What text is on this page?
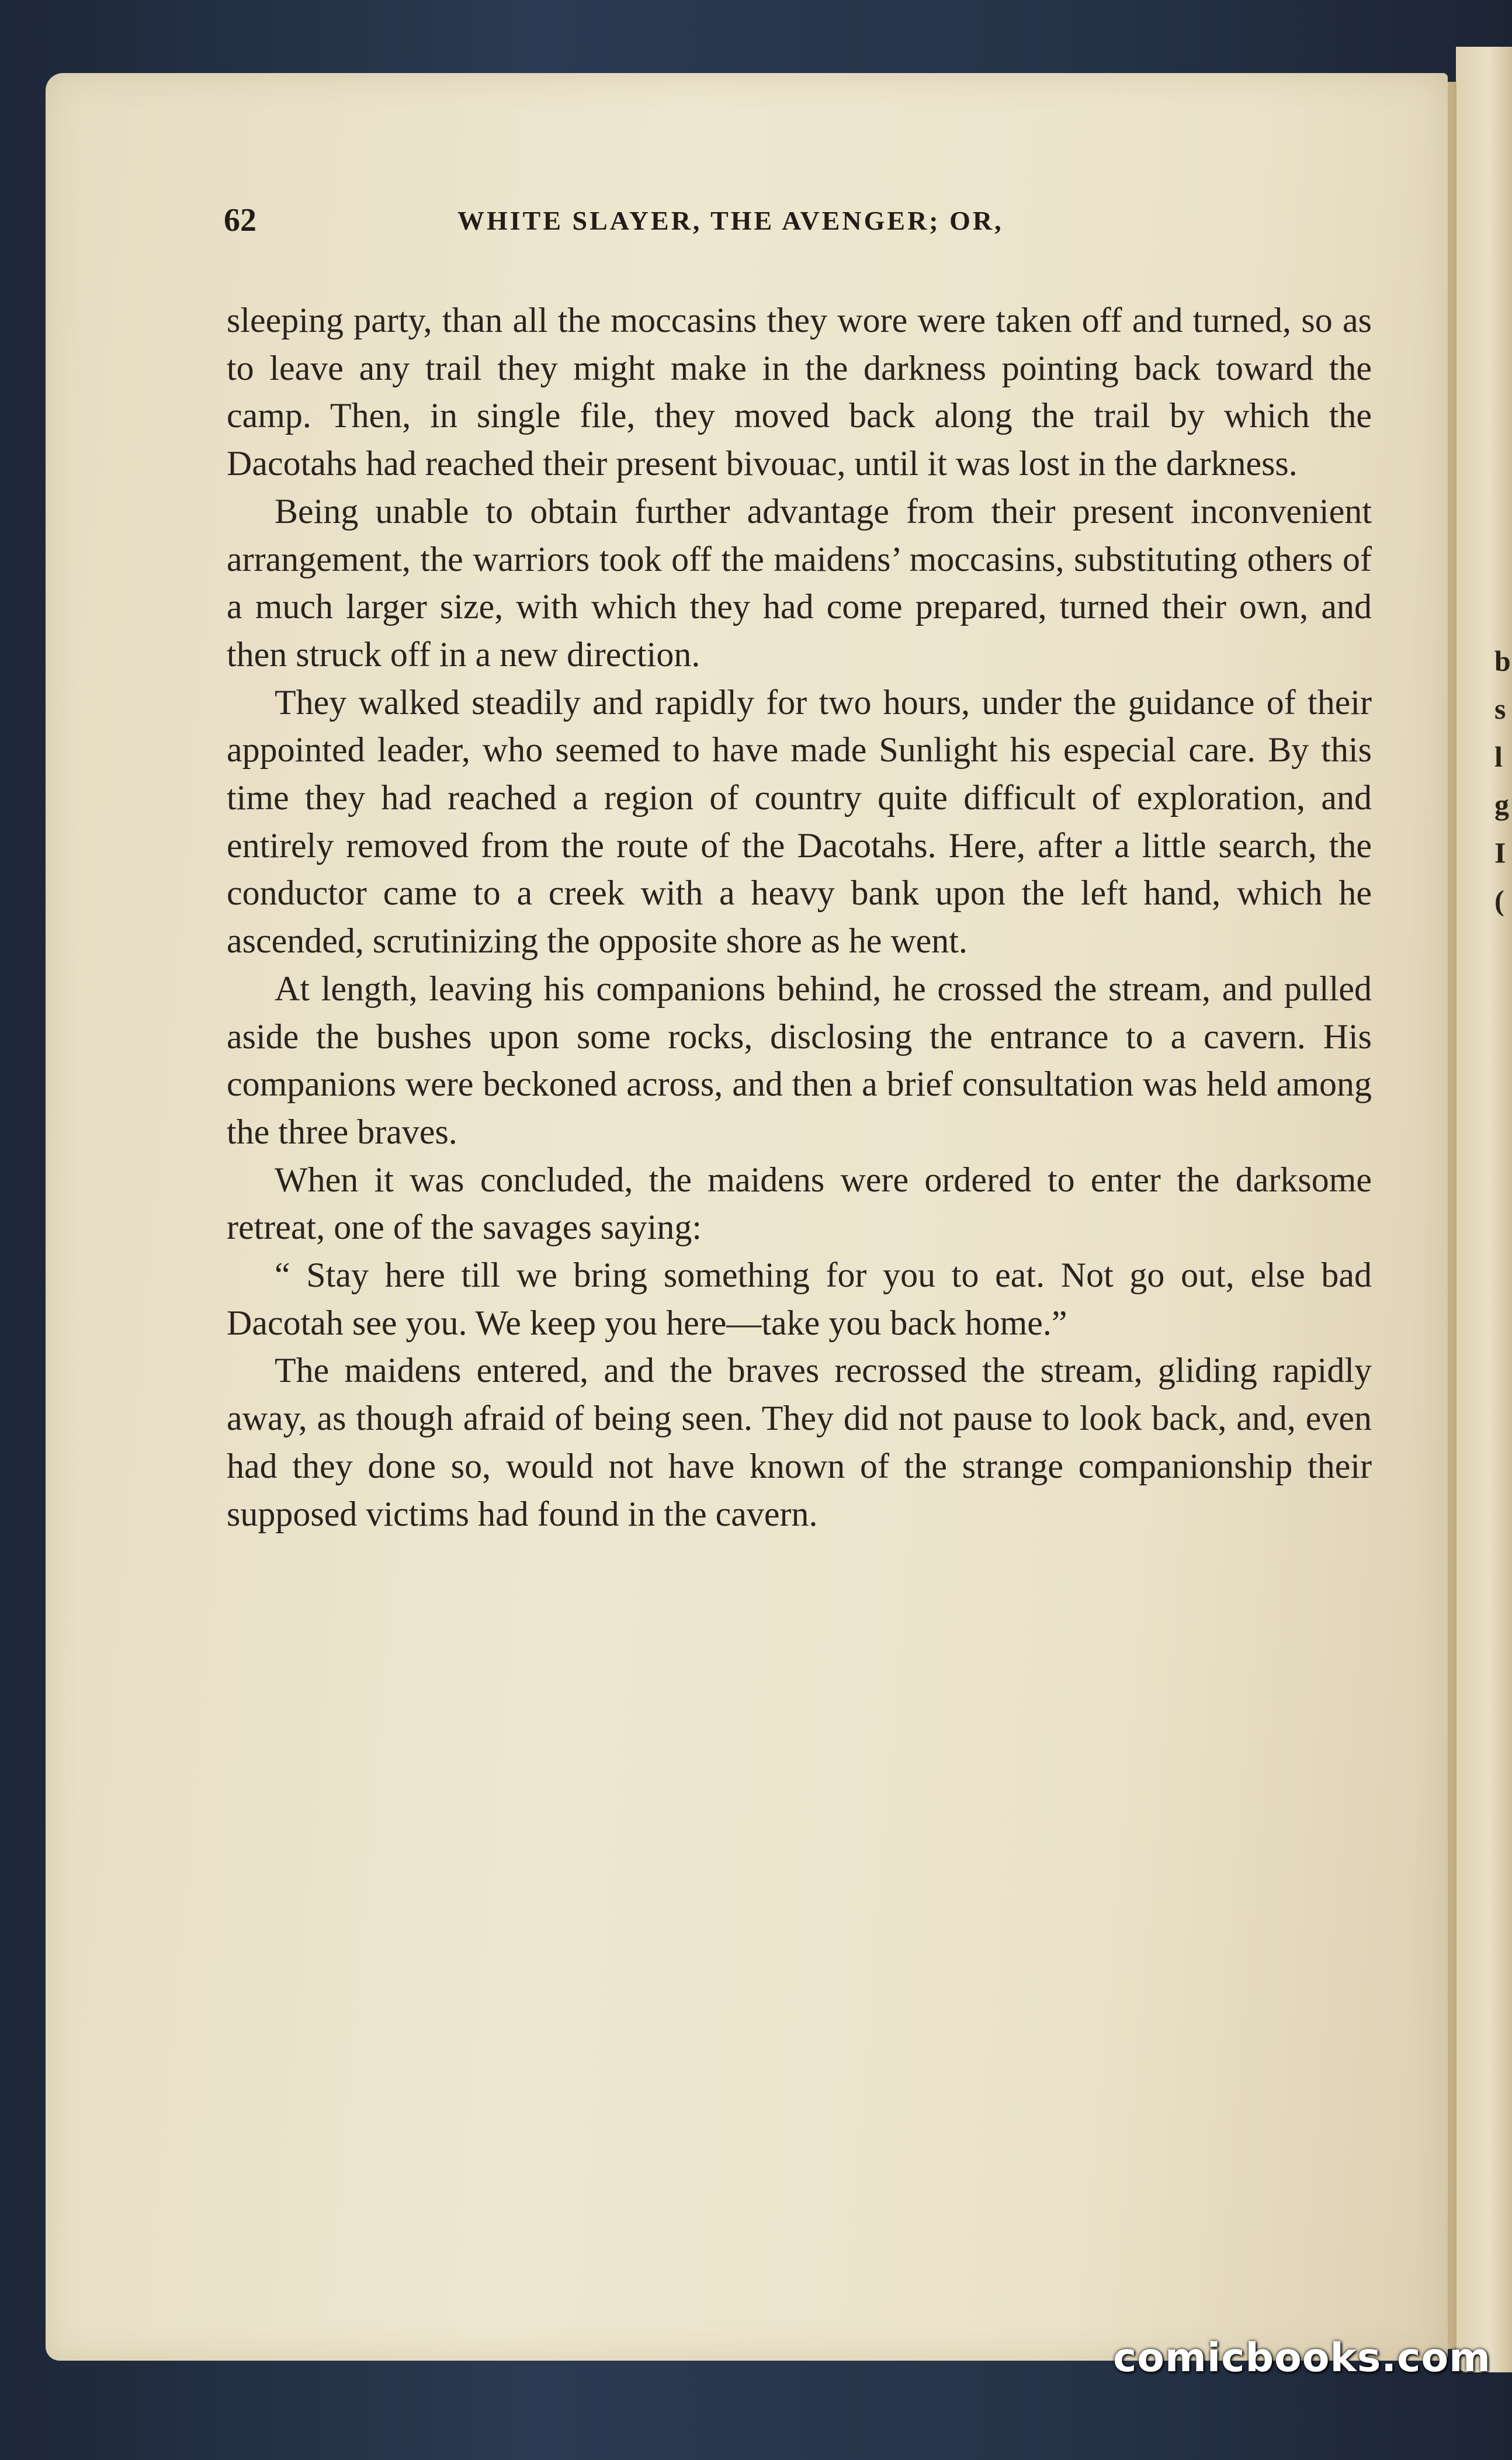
b
s
l
g
I
(
62	WHITE SLAYER, THE AVENGER; OR,

sleeping party, than all the moccasins they wore were taken off and turned, so as to leave any trail they might make in the darkness pointing back toward the camp. Then, in single file, they moved back along the trail by which the Dacotahs had reached their present bivouac, until it was lost in the darkness.

Being unable to obtain further advantage from their present inconvenient arrangement, the warriors took off the maidens’ moccasins, substituting others of a much larger size, with which they had come prepared, turned their own, and then struck off in a new direction.

They walked steadily and rapidly for two hours, under the guidance of their appointed leader, who seemed to have made Sunlight his especial care. By this time they had reached a region of country quite difficult of exploration, and entirely removed from the route of the Dacotahs. Here, after a little search, the conductor came to a creek with a heavy bank upon the left hand, which he ascended, scrutinizing the opposite shore as he went.

At length, leaving his companions behind, he crossed the stream, and pulled aside the bushes upon some rocks, disclosing the entrance to a cavern. His companions were beckoned across, and then a brief consultation was held among the three braves.

When it was concluded, the maidens were ordered to enter the darksome retreat, one of the savages saying:

“ Stay here till we bring something for you to eat. Not go out, else bad Dacotah see you. We keep you here—take you back home.”

The maidens entered, and the braves recrossed the stream, gliding rapidly away, as though afraid of being seen. They did not pause to look back, and, even had they done so, would not have known of the strange companionship their supposed victims had found in the cavern.

comicbooks.com
